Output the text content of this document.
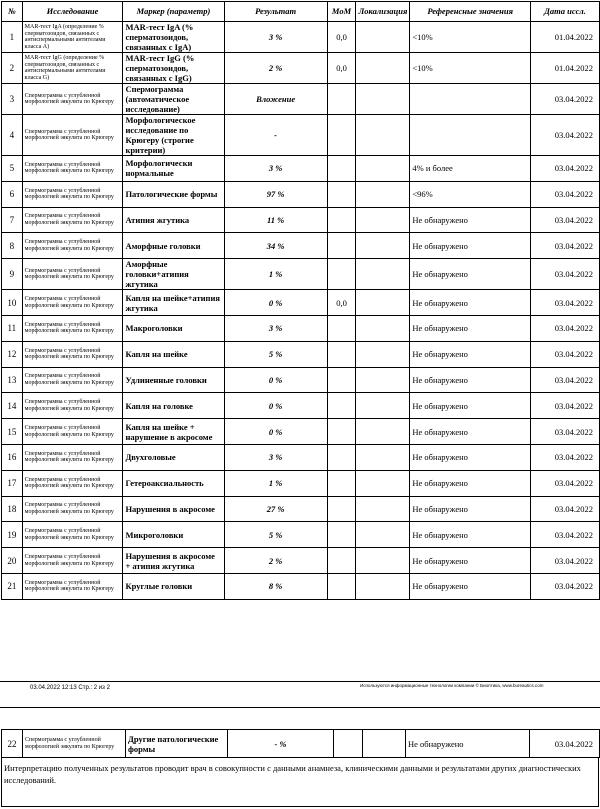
№	Исследование	Маркер (параметр)	Результат	MoM	Локализация	Референсные значения	Дата иссл.
1	MAR-тест IgA (определение % сперматозоидов, связанных с антиспермальными антителами класса А)	MAR-тест IgA (% сперматозоидов, связанных с IgA)	3 %	0,0		<10%	01.04.2022
2	MAR-тест IgG (определение % сперматозоидов, связанных с антиспермальными антителами класса G)	MAR-тест IgG (% сперматозоидов, связанных с IgG)	2 %	0,0		<10%	01.04.2022
3	Спермограмма с углубленной морфологией эякулята по Крюгеру	Спермограмма (автоматическое исследование)	Вложение				03.04.2022
4	Спермограмма с углубленной морфологией эякулята по Крюгеру	Морфологическое исследование по Крюгеру (строгие критерии)	-				03.04.2022
5	Спермограмма с углубленной морфологией эякулята по Крюгеру	Морфологически нормальные	3 %			4% и более	03.04.2022
6	Спермограмма с углубленной морфологией эякулята по Крюгеру	Патологические формы	97 %			<96%	03.04.2022
7	Спермограмма с углубленной морфологией эякулята по Крюгеру	Атипия жгутика	11 %			Не обнаружено	03.04.2022
8	Спермограмма с углубленной морфологией эякулята по Крюгеру	Аморфные головки	34 %			Не обнаружено	03.04.2022
9	Спермограмма с углубленной морфологией эякулята по Крюгеру	Аморфные головки+атипия жгутика	1 %			Не обнаружено	03.04.2022
10	Спермограмма с углубленной морфологией эякулята по Крюгеру	Капля на шейке+атипия жгутика	0 %	0,0		Не обнаружено	03.04.2022
11	Спермограмма с углубленной морфологией эякулята по Крюгеру	Макроголовки	3 %			Не обнаружено	03.04.2022
12	Спермограмма с углубленной морфологией эякулята по Крюгеру	Капля на шейке	5 %			Не обнаружено	03.04.2022
13	Спермограмма с углубленной морфологией эякулята по Крюгеру	Удлиненные головки	0 %			Не обнаружено	03.04.2022
14	Спермограмма с углубленной морфологией эякулята по Крюгеру	Капля на головке	0 %			Не обнаружено	03.04.2022
15	Спермограмма с углубленной морфологией эякулята по Крюгеру	Капля на шейке + нарушение в акросоме	0 %			Не обнаружено	03.04.2022
16	Спермограмма с углубленной морфологией эякулята по Крюгеру	Двухголовые	3 %			Не обнаружено	03.04.2022
17	Спермограмма с углубленной морфологией эякулята по Крюгеру	Гетероаксиальность	1 %			Не обнаружено	03.04.2022
18	Спермограмма с углубленной морфологией эякулята по Крюгеру	Нарушения в акросоме	27 %			Не обнаружено	03.04.2022
19	Спермограмма с углубленной морфологией эякулята по Крюгеру	Микроголовки	5 %			Не обнаружено	03.04.2022
20	Спермограмма с углубленной морфологией эякулята по Крюгеру	Нарушения в акросоме + атипия жгутика	2 %			Не обнаружено	03.04.2022
21	Спермограмма с углубленной морфологией эякулята по Крюгеру	Круглые головки	8 %			Не обнаружено	03.04.2022
03.04.2022 12:13 Стр.: 2 из 2	Используются информационные технологии компании © Биоптика, www.bureautics.com
22	Спермограмма с углубленной морфологией эякулята по Крюгеру	Другие патологические формы	- %			Не обнаружено	03.04.2022
Интерпретацию полученных результатов проводит врач в совокупности с данными анамнеза, клиническими данными и результатами других диагностических исследований.
